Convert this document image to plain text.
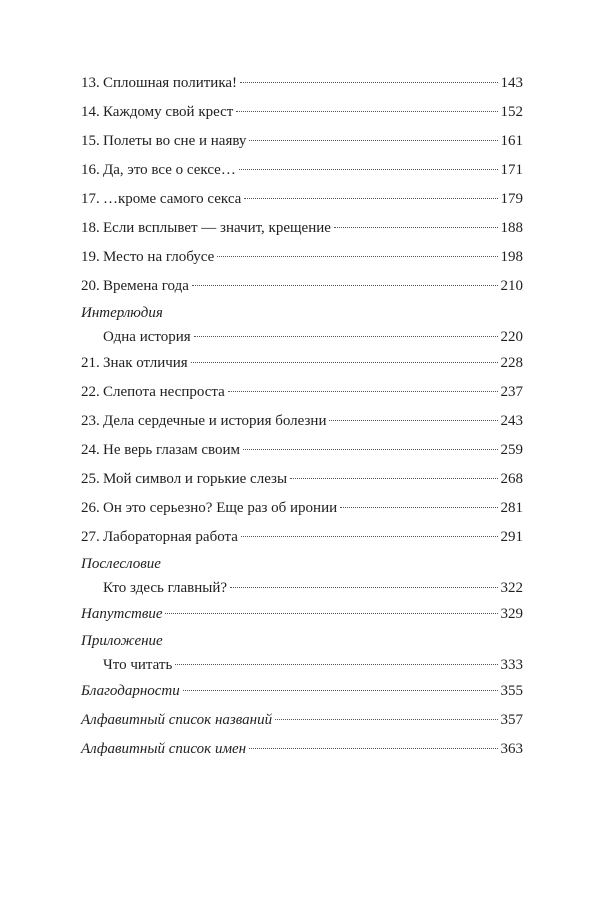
13. Сплошная политика!	143
14. Каждому свой крест	152
15. Полеты во сне и наяву	161
16. Да, это все о сексе…	171
17. …кроме самого секса	179
18. Если всплывет — значит, крещение	188
19. Место на глобусе	198
20. Времена года	210
Интерлюдия
Одна история	220
21. Знак отличия	228
22. Слепота неспроста	237
23. Дела сердечные и история болезни	243
24. Не верь глазам своим	259
25. Мой символ и горькие слезы	268
26. Он это серьезно? Еще раз об иронии	281
27. Лабораторная работа	291
Послесловие
Кто здесь главный?	322
Напутствие	329
Приложение
Что читать	333
Благодарности	355
Алфавитный список названий	357
Алфавитный список имен	363
